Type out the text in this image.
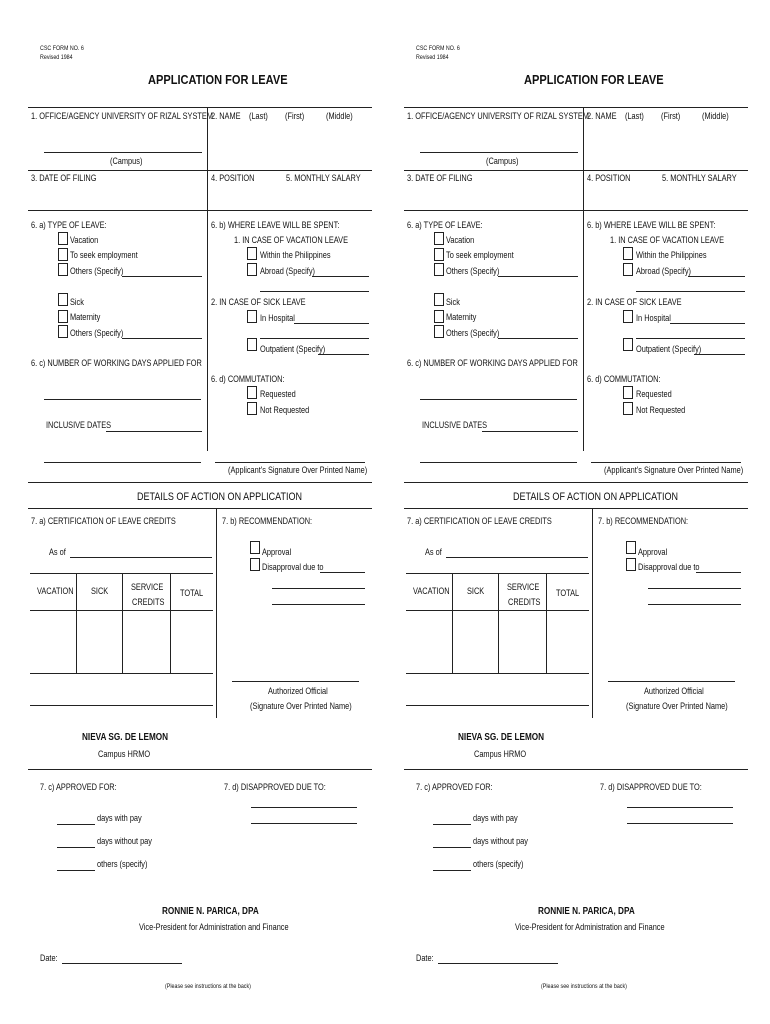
CSC FORM NO. 6
Revised 1984
APPLICATION FOR LEAVE
1. OFFICE/AGENCY UNIVERSITY OF RIZAL SYSTEM
2. NAME (Last) (First) (Middle)
(Campus)
3. DATE OF FILING	4. POSITION	5. MONTHLY SALARY
6. a) TYPE OF LEAVE:
Vacation
To seek employment
Others (Specify)
Sick
Maternity
Others (Specify)
6. b) WHERE LEAVE WILL BE SPENT:
1. IN CASE OF VACATION LEAVE
Within the Philippines
Abroad (Specify)
2. IN CASE OF SICK LEAVE
In Hospital
Outpatient (Specify)
6. c) NUMBER OF WORKING DAYS APPLIED FOR
6. d) COMMUTATION:
Requested
Not Requested
INCLUSIVE DATES
(Applicant's Signature Over Printed Name)
DETAILS OF ACTION ON APPLICATION
7. a) CERTIFICATION OF LEAVE CREDITS	7. b) RECOMMENDATION:
As of	Approval
Disapproval due to
VACATION SICK	SERVICE
CREDITS
TOTAL
Authorized Official
(Signature Over Printed Name)
NIEVA SG. DE LEMON
Campus HRMO
7. c) APPROVED FOR:	7. d) DISAPPROVED DUE TO:
days with pay
days without pay
others (specify)
RONNIE N. PARICA, DPA
Vice-President for Administration and Finance
Date:
(Please see instructions at the back)
CSC FORM NO. 6
Revised 1984
APPLICATION FOR LEAVE
1. OFFICE/AGENCY UNIVERSITY OF RIZAL SYSTEM
2. NAME (Last) (First) (Middle)
(Campus)
3. DATE OF FILING	4. POSITION	5. MONTHLY SALARY
6. a) TYPE OF LEAVE:
Vacation
To seek employment
Others (Specify)
Sick
Maternity
Others (Specify)
6. b) WHERE LEAVE WILL BE SPENT:
1. IN CASE OF VACATION LEAVE
Within the Philippines
Abroad (Specify)
2. IN CASE OF SICK LEAVE
In Hospital
Outpatient (Specify)
6. c) NUMBER OF WORKING DAYS APPLIED FOR
6. d) COMMUTATION:
Requested
Not Requested
INCLUSIVE DATES
(Applicant's Signature Over Printed Name)
DETAILS OF ACTION ON APPLICATION
7. a) CERTIFICATION OF LEAVE CREDITS	7. b) RECOMMENDATION:
As of	Approval
Disapproval due to
VACATION SICK	SERVICE
CREDITS
TOTAL
Authorized Official
(Signature Over Printed Name)
NIEVA SG. DE LEMON
Campus HRMO
7. c) APPROVED FOR:	7. d) DISAPPROVED DUE TO:
days with pay
days without pay
others (specify)
RONNIE N. PARICA, DPA
Vice-President for Administration and Finance
Date:
(Please see instructions at the back)
